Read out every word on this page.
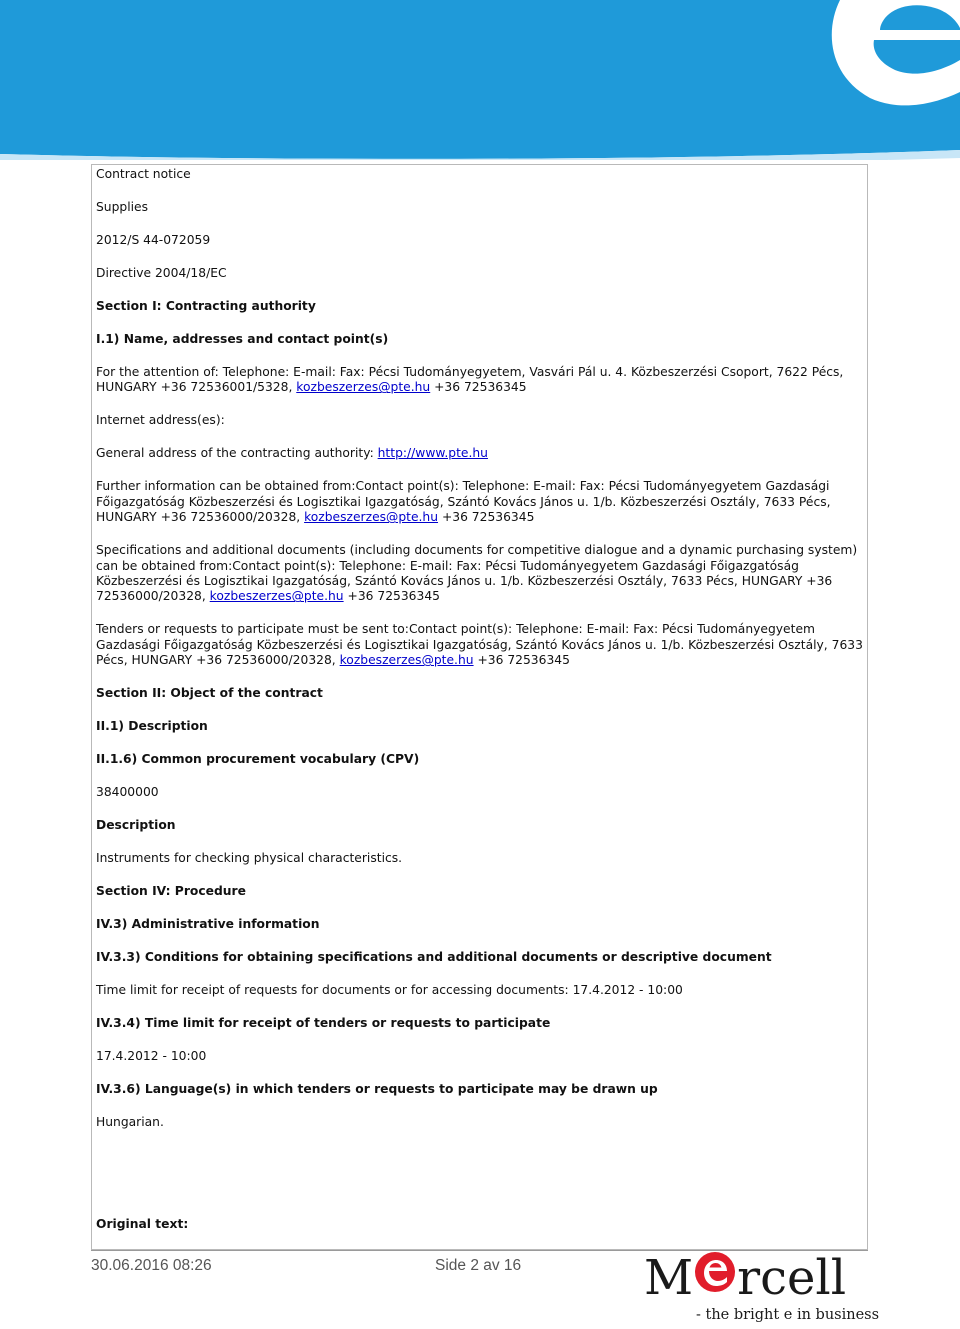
Contract notice

Supplies

2012/S 44-072059

Directive 2004/18/EC

Section I: Contracting authority

I.1) Name, addresses and contact point(s)

For the attention of: Telephone: E-mail: Fax: Pécsi Tudományegyetem, Vasvári Pál u. 4. Közbeszerzési Csoport, 7622 Pécs, HUNGARY +36 72536001/5328, kozbeszerzes@pte.hu +36 72536345

Internet address(es):

General address of the contracting authority: http://www.pte.hu

Further information can be obtained from:Contact point(s): Telephone: E-mail: Fax: Pécsi Tudományegyetem Gazdasági Főigazgatóság Közbeszerzési és Logisztikai Igazgatóság, Szántó Kovács János u. 1/b. Közbeszerzési Osztály, 7633 Pécs, HUNGARY +36 72536000/20328, kozbeszerzes@pte.hu +36 72536345

Specifications and additional documents (including documents for competitive dialogue and a dynamic purchasing system) can be obtained from:Contact point(s): Telephone: E-mail: Fax: Pécsi Tudományegyetem Gazdasági Főigazgatóság Közbeszerzési és Logisztikai Igazgatóság, Szántó Kovács János u. 1/b. Közbeszerzési Osztály, 7633 Pécs, HUNGARY +36 72536000/20328, kozbeszerzes@pte.hu +36 72536345

Tenders or requests to participate must be sent to:Contact point(s): Telephone: E-mail: Fax: Pécsi Tudományegyetem Gazdasági Főigazgatóság Közbeszerzési és Logisztikai Igazgatóság, Szántó Kovács János u. 1/b. Közbeszerzési Osztály, 7633 Pécs, HUNGARY +36 72536000/20328, kozbeszerzes@pte.hu +36 72536345

Section II: Object of the contract

II.1) Description

II.1.6) Common procurement vocabulary (CPV)

38400000

Description

Instruments for checking physical characteristics.

Section IV: Procedure

IV.3) Administrative information

IV.3.3) Conditions for obtaining specifications and additional documents or descriptive document

Time limit for receipt of requests for documents or for accessing documents: 17.4.2012 - 10:00

IV.3.4) Time limit for receipt of tenders or requests to participate

17.4.2012 - 10:00

IV.3.6) Language(s) in which tenders or requests to participate may be drawn up

Hungarian.

Original text:
30.06.2016 08:26	Side 2 av 16	M rcell
- the bright e in business
